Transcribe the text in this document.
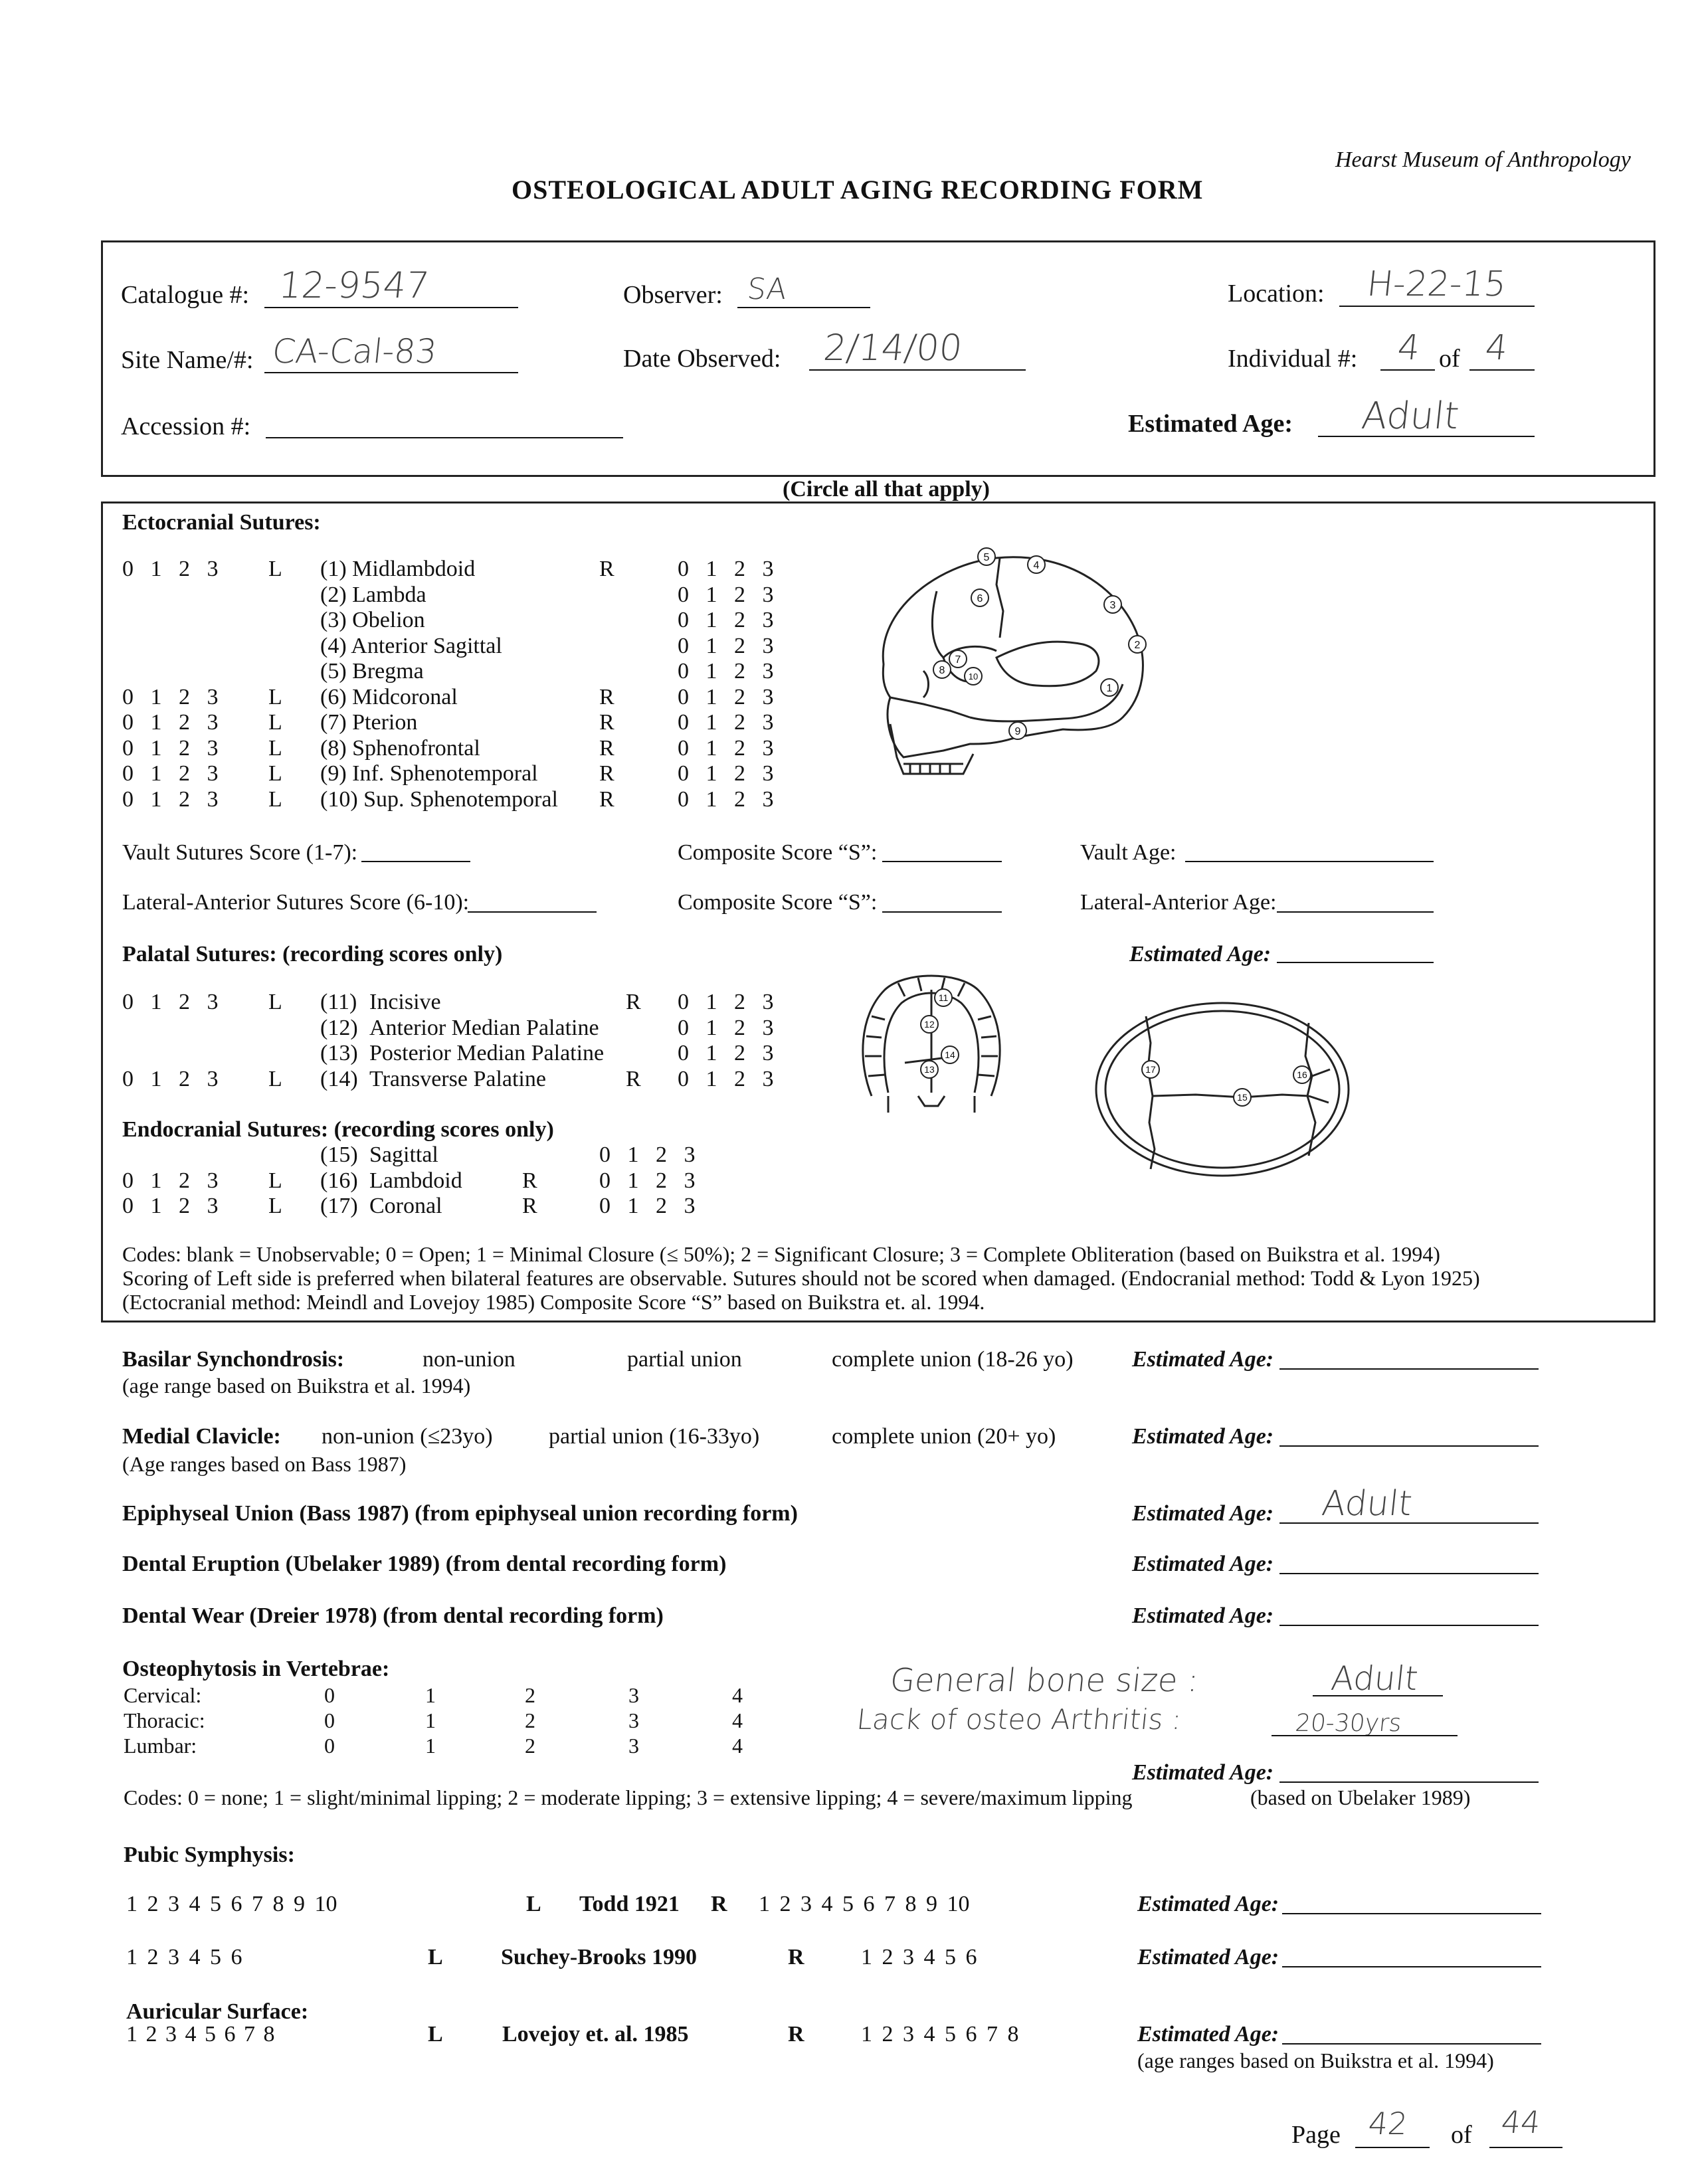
Hearst Museum of Anthropology
OSTEOLOGICAL ADULT AGING RECORDING FORM
Catalogue #: 12-9547	Observer: SA	Location: H-22-15
Site Name/#: CA-Cal-83	Date Observed: 2/14/00	Individual #: 4 of 4
Accession #:	Estimated Age: Adult
(Circle all that apply)
Ectocranial Sutures:
0   1   2   3 L (1) Midlambdoid	R	0   1   2   3
(2) Lambda	0   1   2   3
(3) Obelion	0   1   2   3
(4) Anterior Sagittal	0   1   2   3
(5) Bregma	0   1   2   3
0   1   2   3 L (6) Midcoronal	R	0   1   2   3
0   1   2   3 L (7) Pterion	R	0   1   2   3
0   1   2   3 L (8) Sphenofrontal	R	0   1   2   3
0   1   2   3 L (9) Inf. Sphenotemporal	R	0   1   2   3
0   1   2   3 L (10) Sup. Sphenotemporal R	0   1   2   3
Vault Sutures Score (1-7):	Composite Score “S”:	Vault Age:
Lateral-Anterior Sutures Score (6-10):	Composite Score “S”:	Lateral-Anterior Age:
Palatal Sutures: (recording scores only)	Estimated Age:
0   1   2   3 L (11) Incisive	R 0   1   2   3
(12) Anterior Median Palatine	0   1   2   3
(13) Posterior Median Palatine	0   1   2   3
0   1   2   3 L (14) Transverse Palatine	R 0   1   2   3
Endocranial Sutures: (recording scores only)
(15) Sagittal	0   1   2   3
0   1   2   3 L (16) Lambdoid	R	0   1   2   3
0   1   2   3 L (17) Coronal	R	0   1   2   3
Codes: blank = Unobservable; 0 = Open; 1 = Minimal Closure (≤ 50%); 2 = Significant Closure; 3 = Complete Obliteration (based on Buikstra et al. 1994)
Scoring of Left side is preferred when bilateral features are observable. Sutures should not be scored when damaged. (Endocranial method: Todd & Lyon 1925)
(Ectocranial method: Meindl and Lovejoy 1985) Composite Score “S” based on Buikstra et. al. 1994.
1
2
3
4
5
6
7
8
9
10
11
12
13
14
17
15
16
Basilar Synchondrosis:
(age range based on Buikstra et al. 1994)
non-union	partial union	complete union (18-26 yo)	Estimated Age:
Medial Clavicle:
(Age ranges based on Bass 1987)
non-union (≤23yo) partial union (16-33yo)	complete union (20+ yo)	Estimated Age:
Epiphyseal Union (Bass 1987) (from epiphyseal union recording form)	Estimated Age: Adult
Dental Eruption (Ubelaker 1989) (from dental recording form)	Estimated Age:
Dental Wear (Dreier 1978) (from dental recording form)	Estimated Age:
Osteophytosis in Vertebrae:
Cervical:	0	1	2	3	4
Thoracic:	0	1	2	3	4
Lumbar:	0	1	2	3	4
General bone size :	Adult
Lack of osteo Arthritis :	20-30yrs
Estimated Age:
Codes: 0 = none; 1 = slight/minimal lipping; 2 = moderate lipping; 3 = extensive lipping; 4 = severe/maximum lipping	(based on Ubelaker 1989)
Pubic Symphysis:
1 2 3 4 5 6 7 8 9 10	L Todd 1921 R 1 2 3 4 5 6 7 8 9 10	Estimated Age:
1 2 3 4 5 6	L	Suchey-Brooks 1990	R	1 2 3 4 5 6	Estimated Age:
Auricular Surface:
1 2 3 4 5 6 7 8	L	Lovejoy et. al. 1985	R	1 2 3 4 5 6 7 8	Estimated Age:
(age ranges based on Buikstra et al. 1994)
Page 42 of 44
